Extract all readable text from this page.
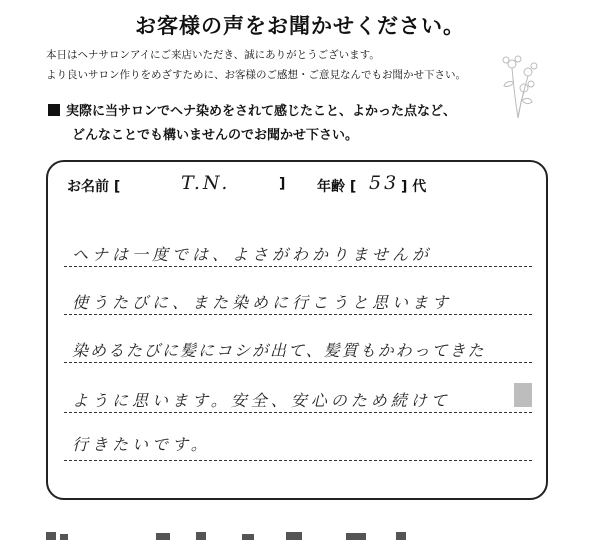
お客様の声をお聞かせください。
本日はヘナサロンアイにご来店いただき、誠にありがとうございます。
より良いサロン作りをめざすために、お客様のご感想・ご意見なんでもお聞かせ下さい。
実際に当サロンでヘナ染めをされて感じたこと、よかった点など、
どんなことでも構いませんのでお聞かせ下さい。
お名前 [	T.N.	] 年齢 [ 53 ] 代
ヘナは一度では、よさがわかりませんが
使うたびに、また染めに行こうと思います
染めるたびに髪にコシが出て、髪質もかわってきた
ように思います。安全、安心のため続けて
行きたいです。
